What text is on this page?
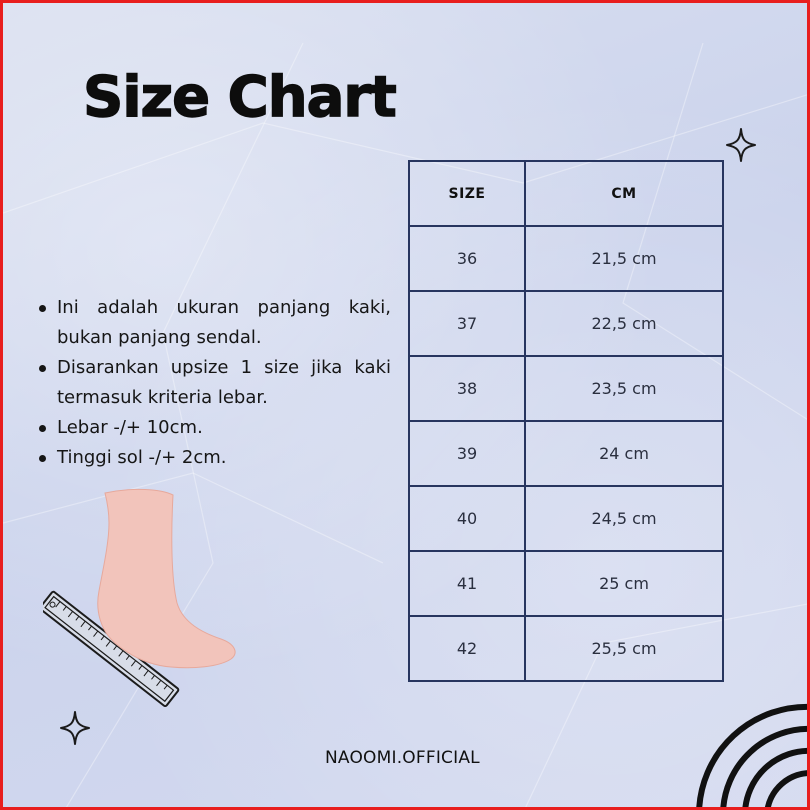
Size Chart
Ini adalah ukuran panjang kaki, bukan panjang sendal.
Disarankan upsize 1 size jika kaki termasuk kriteria lebar.
Lebar -/+ 10cm.
Tinggi sol -/+ 2cm.
SIZE	CM
36	21,5 cm
37	22,5 cm
38	23,5 cm
39	24 cm
40	24,5 cm
41	25 cm
42	25,5 cm
NAOOMI.OFFICIAL
